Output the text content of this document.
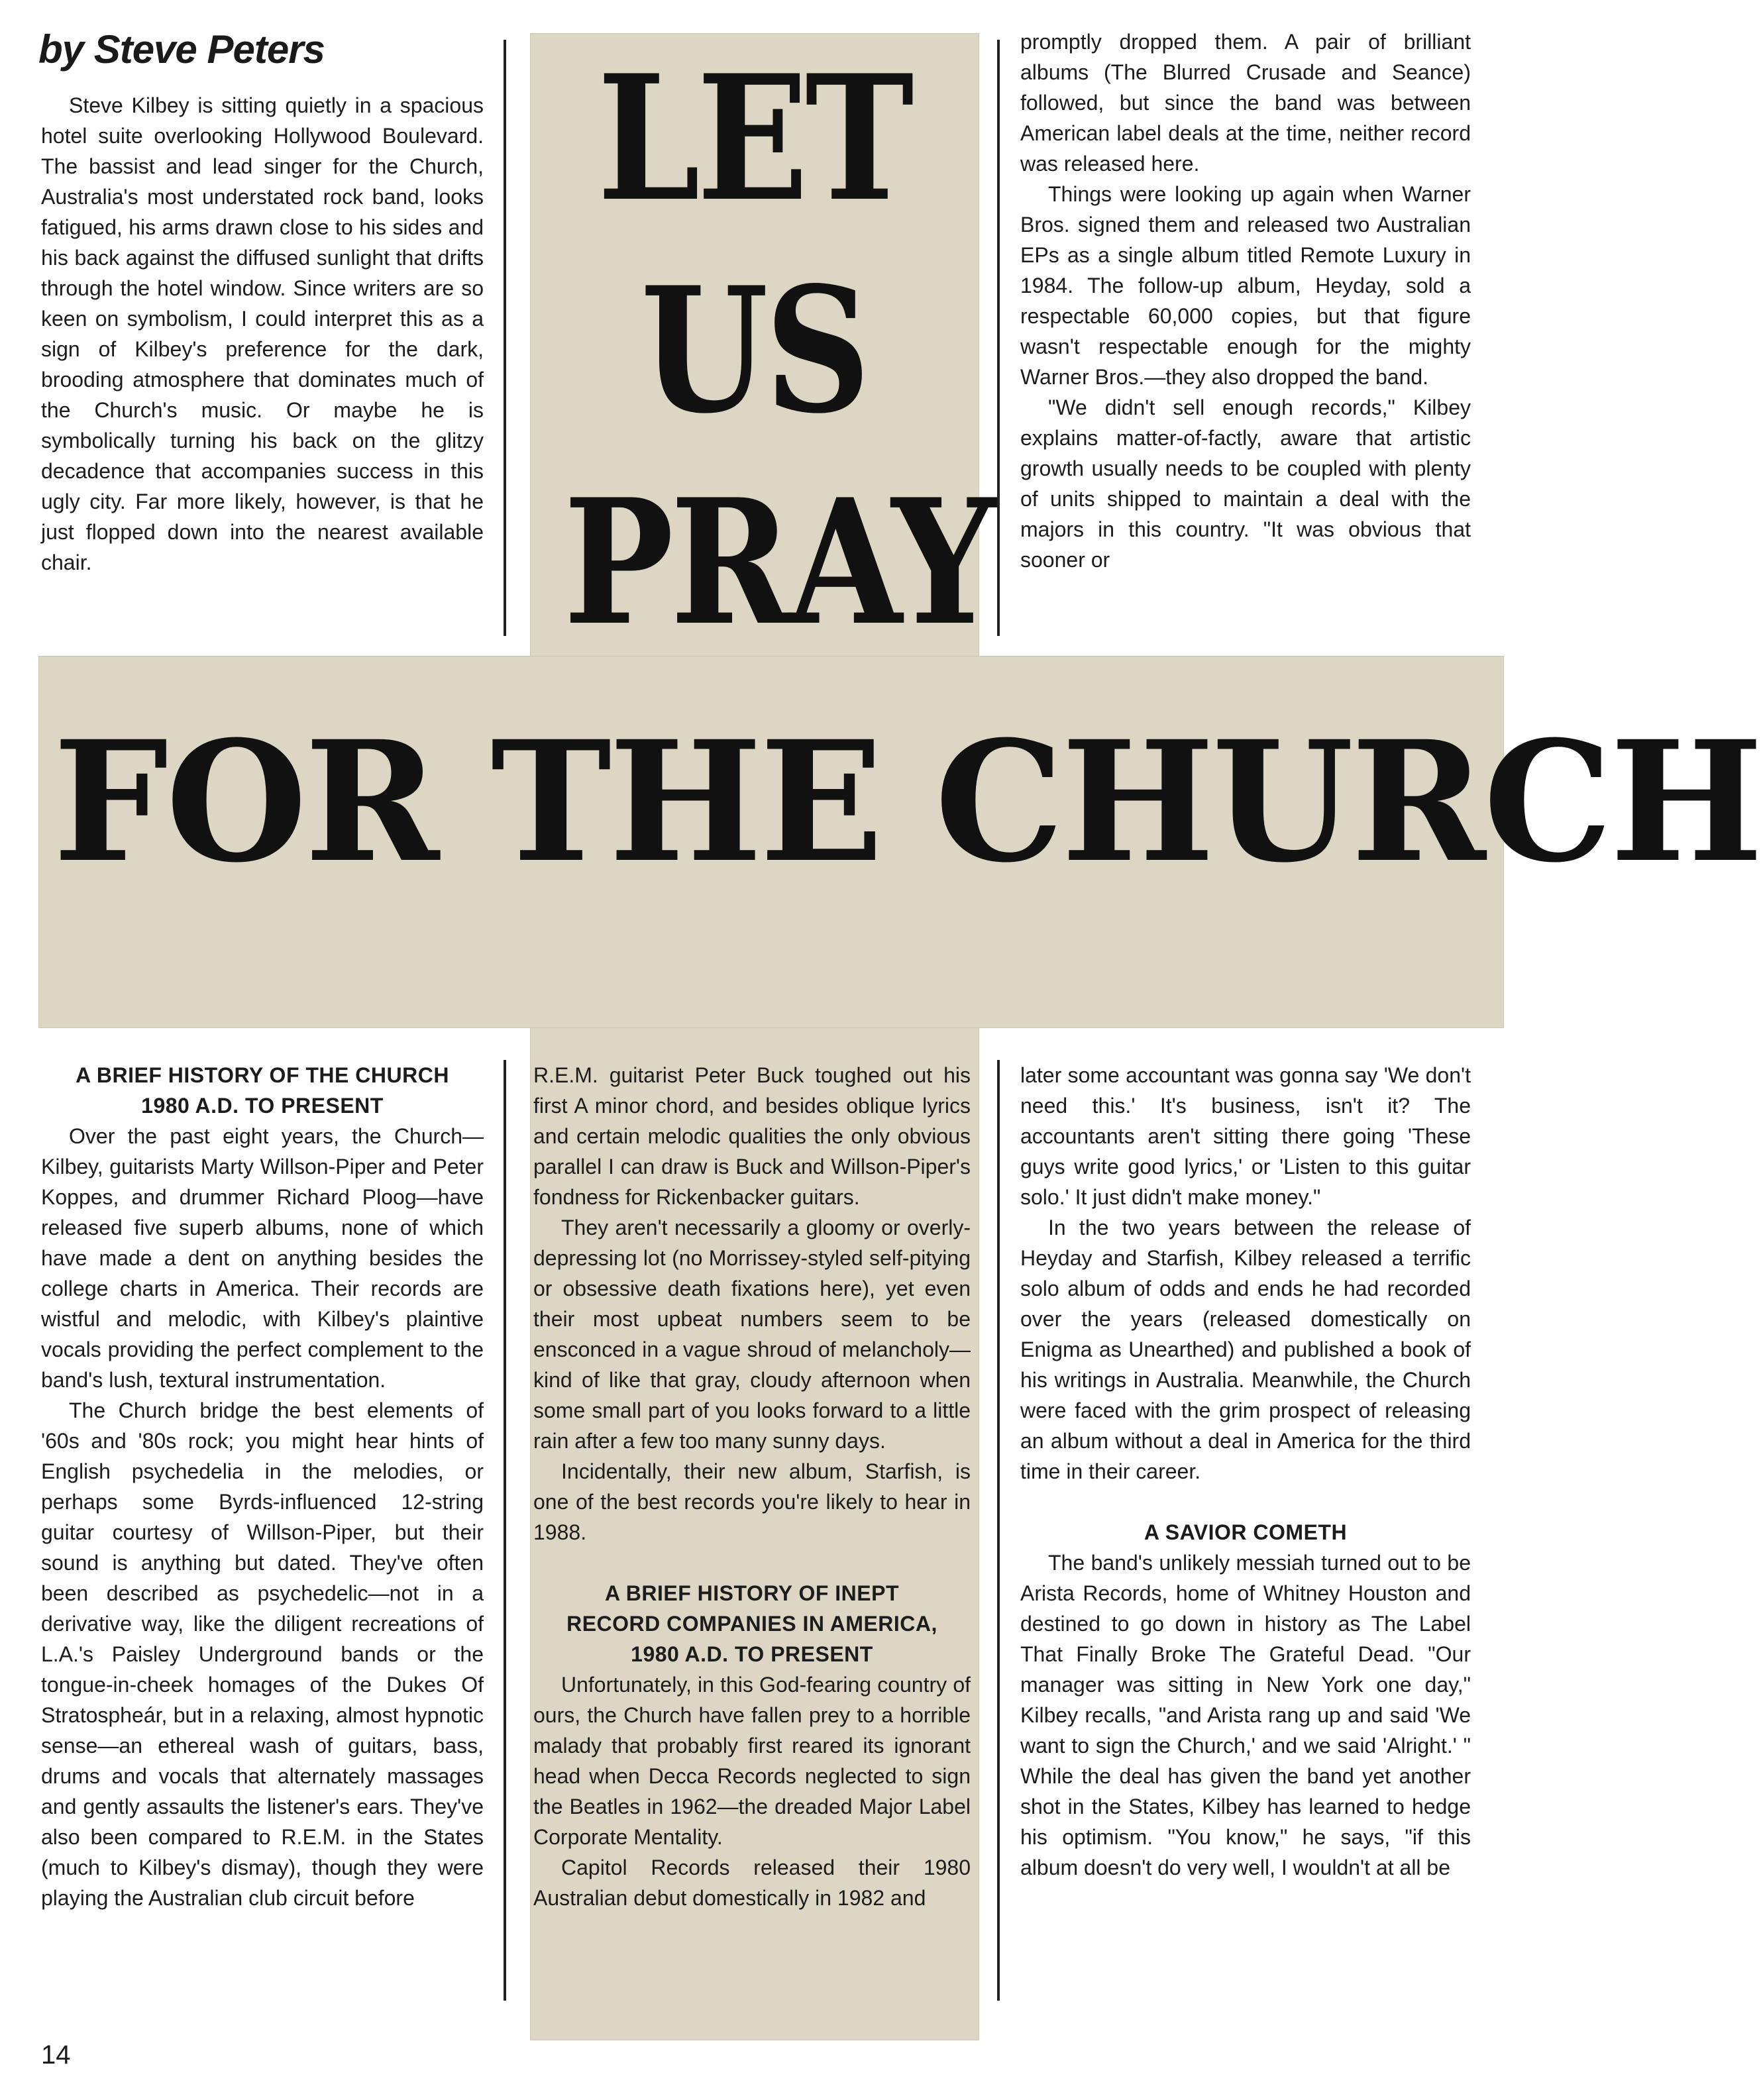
LET
US
PRAY
FOR THE CHURCH
by Steve Peters

Steve Kilbey is sitting quietly in a spacious hotel suite overlooking Hollywood Boulevard. The bassist and lead singer for the Church, Australia's most understated rock band, looks fatigued, his arms drawn close to his sides and his back against the diffused sunlight that drifts through the hotel window. Since writers are so keen on symbolism, I could interpret this as a sign of Kilbey's preference for the dark, brooding atmosphere that dominates much of the Church's music. Or maybe he is symbolically turning his back on the glitzy decadence that accompanies success in this ugly city. Far more likely, however, is that he just flopped down into the nearest available chair.

promptly dropped them. A pair of brilliant albums (The Blurred Crusade and Seance) followed, but since the band was between American label deals at the time, neither record was released here.

Things were looking up again when Warner Bros. signed them and released two Australian EPs as a single album titled Remote Luxury in 1984. The follow-up album, Heyday, sold a respectable 60,000 copies, but that figure wasn't respectable enough for the mighty Warner Bros.—they also dropped the band.

"We didn't sell enough records," Kilbey explains matter-of-factly, aware that artistic growth usually needs to be coupled with plenty of units shipped to maintain a deal with the majors in this country. "It was obvious that sooner or

A BRIEF HISTORY OF THE CHURCH
1980 A.D. TO PRESENT

Over the past eight years, the Church—Kilbey, guitarists Marty Willson-Piper and Peter Koppes, and drummer Richard Ploog—have released five superb albums, none of which have made a dent on anything besides the college charts in America. Their records are wistful and melodic, with Kilbey's plaintive vocals providing the perfect complement to the band's lush, textural instrumentation.

The Church bridge the best elements of '60s and '80s rock; you might hear hints of English psychedelia in the melodies, or perhaps some Byrds-influenced 12-string guitar courtesy of Willson-Piper, but their sound is anything but dated. They've often been described as psychedelic—not in a derivative way, like the diligent recreations of L.A.'s Paisley Underground bands or the tongue-in-cheek homages of the Dukes Of Stratospheár, but in a relaxing, almost hypnotic sense—an ethereal wash of guitars, bass, drums and vocals that alternately massages and gently assaults the listener's ears. They've also been compared to R.E.M. in the States (much to Kilbey's dismay), though they were playing the Australian club circuit before

R.E.M. guitarist Peter Buck toughed out his first A minor chord, and besides oblique lyrics and certain melodic qualities the only obvious parallel I can draw is Buck and Willson-Piper's fondness for Rickenbacker guitars.

They aren't necessarily a gloomy or overly-depressing lot (no Morrissey-styled self-pitying or obsessive death fixations here), yet even their most upbeat numbers seem to be ensconced in a vague shroud of melancholy—kind of like that gray, cloudy afternoon when some small part of you looks forward to a little rain after a few too many sunny days.

Incidentally, their new album, Starfish, is one of the best records you're likely to hear in 1988.

A BRIEF HISTORY OF INEPT
RECORD COMPANIES IN AMERICA,
1980 A.D. TO PRESENT

Unfortunately, in this God-fearing country of ours, the Church have fallen prey to a horrible malady that probably first reared its ignorant head when Decca Records neglected to sign the Beatles in 1962—the dreaded Major Label Corporate Mentality.

Capitol Records released their 1980 Australian debut domestically in 1982 and

later some accountant was gonna say 'We don't need this.' It's business, isn't it? The accountants aren't sitting there going 'These guys write good lyrics,' or 'Listen to this guitar solo.' It just didn't make money."

In the two years between the release of Heyday and Starfish, Kilbey released a terrific solo album of odds and ends he had recorded over the years (released domestically on Enigma as Unearthed) and published a book of his writings in Australia. Meanwhile, the Church were faced with the grim prospect of releasing an album without a deal in America for the third time in their career.

A SAVIOR COMETH

The band's unlikely messiah turned out to be Arista Records, home of Whitney Houston and destined to go down in history as The Label That Finally Broke The Grateful Dead. "Our manager was sitting in New York one day," Kilbey recalls, "and Arista rang up and said 'We want to sign the Church,' and we said 'Alright.' " While the deal has given the band yet another shot in the States, Kilbey has learned to hedge his optimism. "You know," he says, "if this album doesn't do very well, I wouldn't at all be

14
